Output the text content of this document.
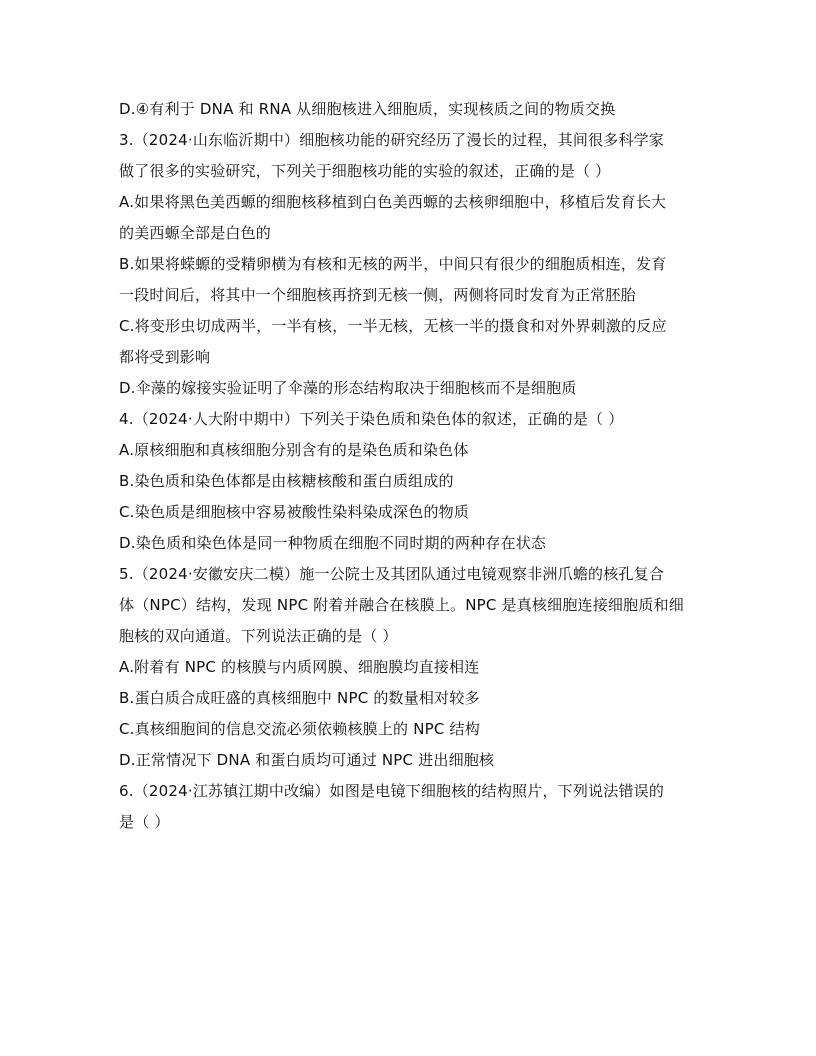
D.④有利于 DNA 和 RNA 从细胞核进入细胞质，实现核质之间的物质交换
3.（2024·山东临沂期中）细胞核功能的研究经历了漫长的过程，其间很多科学家
做了很多的实验研究，下列关于细胞核功能的实验的叙述，正确的是（ ）
A.如果将黑色美西螈的细胞核移植到白色美西螈的去核卵细胞中，移植后发育长大
的美西螈全部是白色的
B.如果将蝾螈的受精卵横为有核和无核的两半，中间只有很少的细胞质相连，发育
一段时间后，将其中一个细胞核再挤到无核一侧，两侧将同时发育为正常胚胎
C.将变形虫切成两半，一半有核，一半无核，无核一半的摄食和对外界刺激的反应
都将受到影响
D.伞藻的嫁接实验证明了伞藻的形态结构取决于细胞核而不是细胞质
4.（2024·人大附中期中）下列关于染色质和染色体的叙述，正确的是（ ）
A.原核细胞和真核细胞分别含有的是染色质和染色体
B.染色质和染色体都是由核糖核酸和蛋白质组成的
C.染色质是细胞核中容易被酸性染料染成深色的物质
D.染色质和染色体是同一种物质在细胞不同时期的两种存在状态
5.（2024·安徽安庆二模）施一公院士及其团队通过电镜观察非洲爪蟾的核孔复合
体（NPC）结构，发现 NPC 附着并融合在核膜上。NPC 是真核细胞连接细胞质和细
胞核的双向通道。下列说法正确的是（ ）
A.附着有 NPC 的核膜与内质网膜、细胞膜均直接相连
B.蛋白质合成旺盛的真核细胞中 NPC 的数量相对较多
C.真核细胞间的信息交流必须依赖核膜上的 NPC 结构
D.正常情况下 DNA 和蛋白质均可通过 NPC 进出细胞核
6.（2024·江苏镇江期中改编）如图是电镜下细胞核的结构照片，下列说法错误的
是（ ）
